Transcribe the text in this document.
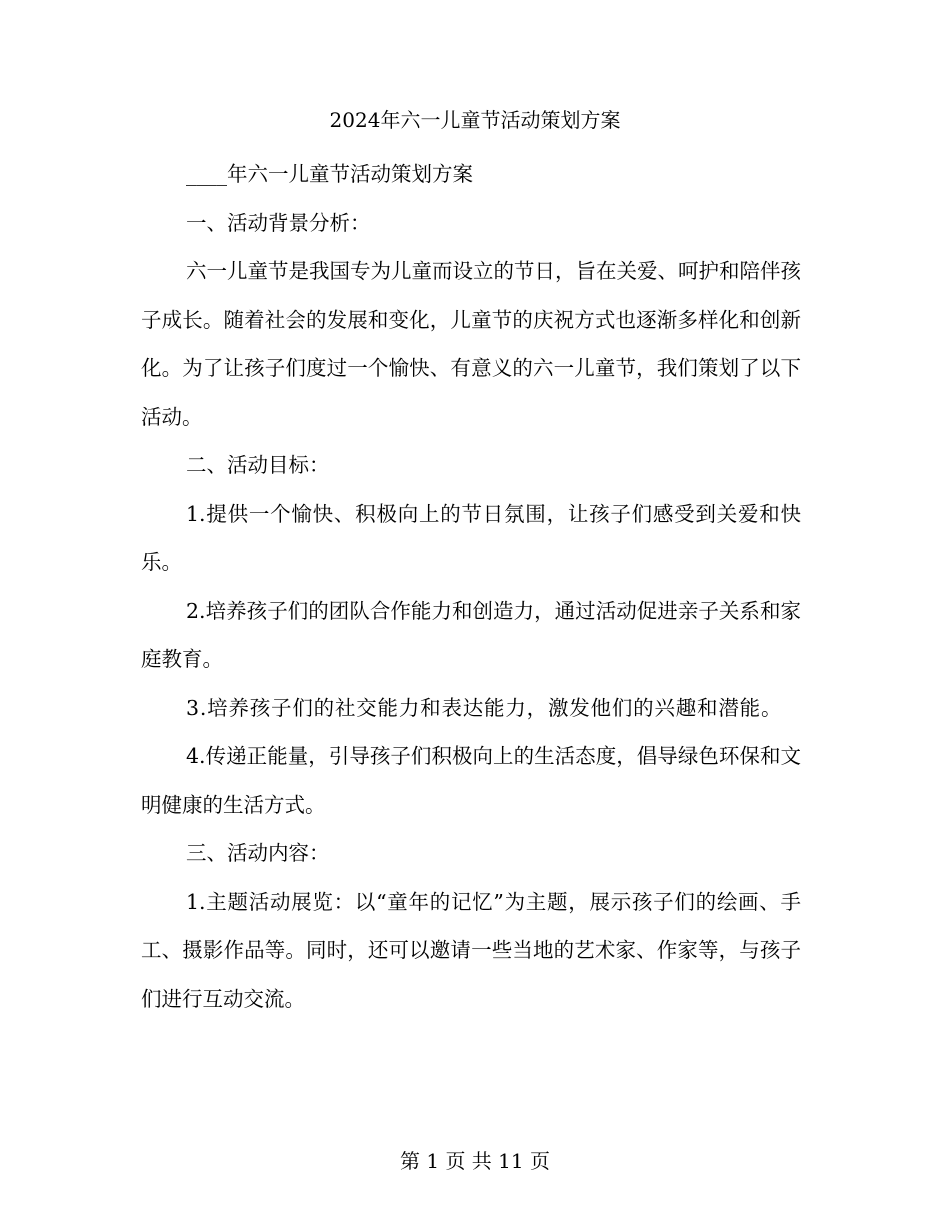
2024年六一儿童节活动策划方案

____年六一儿童节活动策划方案

一、活动背景分析：

六一儿童节是我国专为儿童而设立的节日，旨在关爱、呵护和陪伴孩子成长。随着社会的发展和变化，儿童节的庆祝方式也逐渐多样化和创新化。为了让孩子们度过一个愉快、有意义的六一儿童节，我们策划了以下活动。

二、活动目标：

1.提供一个愉快、积极向上的节日氛围，让孩子们感受到关爱和快乐。

2.培养孩子们的团队合作能力和创造力，通过活动促进亲子关系和家庭教育。

3.培养孩子们的社交能力和表达能力，激发他们的兴趣和潜能。

4.传递正能量，引导孩子们积极向上的生活态度，倡导绿色环保和文明健康的生活方式。

三、活动内容：

1.主题活动展览：以“童年的记忆”为主题，展示孩子们的绘画、手工、摄影作品等。同时，还可以邀请一些当地的艺术家、作家等，与孩子们进行互动交流。

第 1 页 共 11 页
